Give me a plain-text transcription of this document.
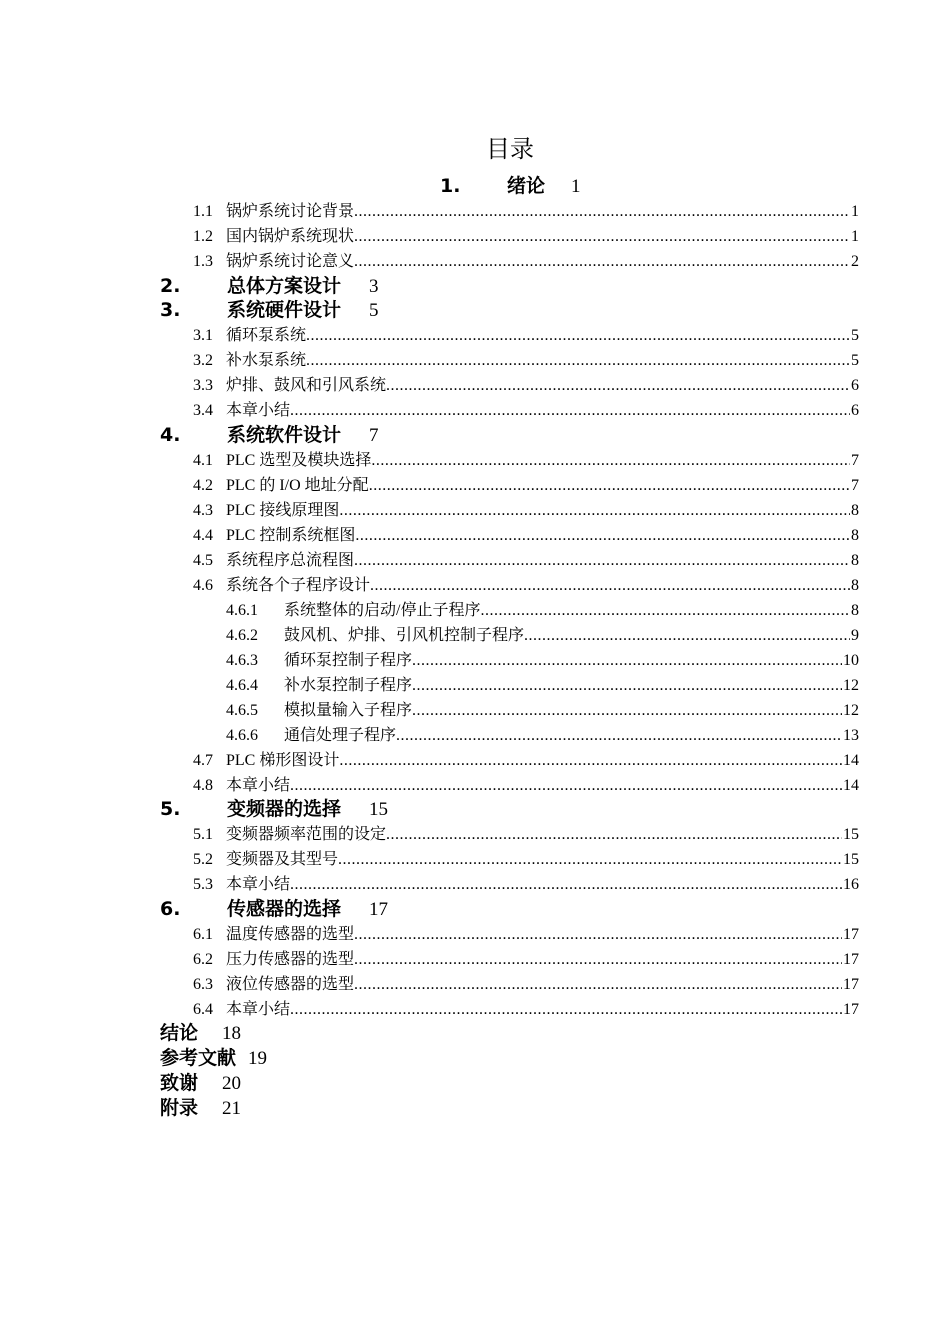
目录
1. 绪论 1
1.1 锅炉系统讨论背景 .....	1
1.2 国内锅炉系统现状 .....	1
1.3 锅炉系统讨论意义 .....	2
2. 总体方案设计 3
3. 系统硬件设计 5
3.1 循环泵系统 .....	5
3.2 补水泵系统 .....	5
3.3 炉排、鼓风和引风系统 .....	6
3.4 本章小结 .....	6
4. 系统软件设计 7
4.1 PLC 选型及模块选择 .....	7
4.2 PLC 的 I/O 地址分配 .....	7
4.3 PLC 接线原理图 .....	8
4.4 PLC 控制系统框图 .....	8
4.5 系统程序总流程图 .....	8
4.6 系统各个子程序设计 .....	8
4.6.1	系统整体的启动/停止子程序 .....	8
4.6.2	鼓风机、炉排、引风机控制子程序 .....	9
4.6.3	循环泵控制子程序 .....	10
4.6.4	补水泵控制子程序 .....	12
4.6.5	模拟量输入子程序 .....	12
4.6.6	通信处理子程序 .....	13
4.7 PLC 梯形图设计 .....	14
4.8 本章小结 .....	14
5. 变频器的选择 15
5.1 变频器频率范围的设定 .....	15
5.2 变频器及其型号 .....	15
5.3 本章小结 .....	16
6. 传感器的选择 17
6.1 温度传感器的选型 .....	17
6.2 压力传感器的选型 .....	17
6.3 液位传感器的选型 .....	17
6.4 本章小结 .....	17
结论 18
参考文献 19
致谢 20
附录 21
